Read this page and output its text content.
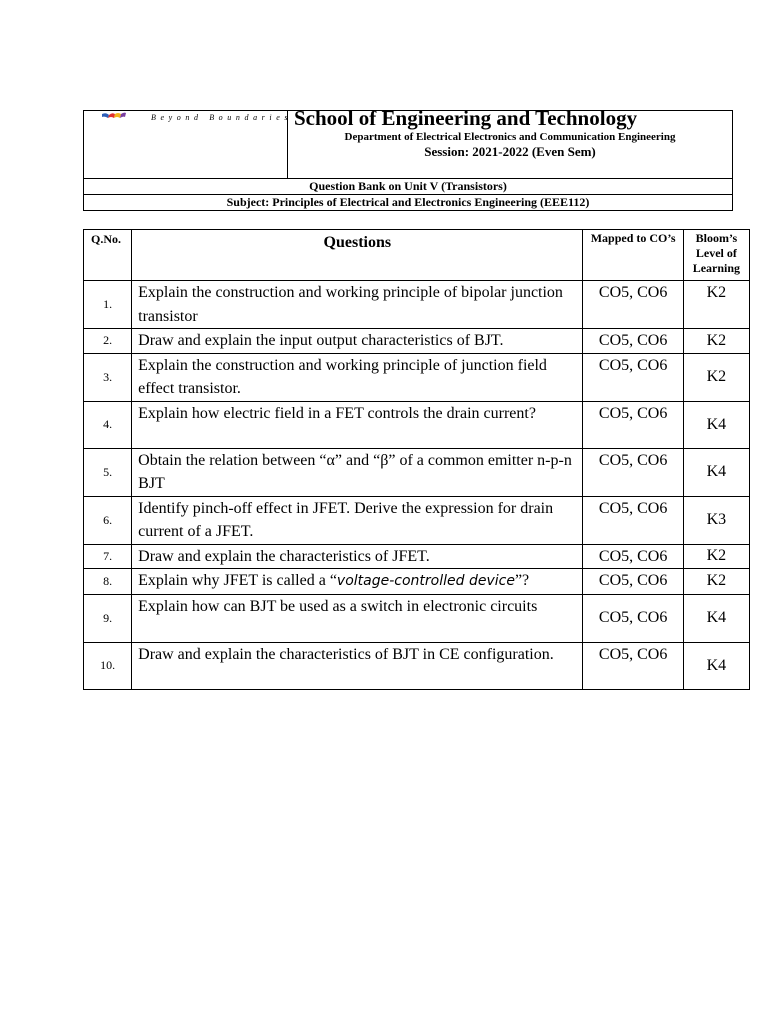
Beyond Boundaries	School of Engineering and Technology
Department of Electrical Electronics and Communication Engineering
Session: 2021-2022 (Even Sem)

Question Bank on Unit V (Transistors)
Subject: Principles of Electrical and Electronics Engineering (EEE112)
Q.No.	Questions	Mapped to CO’s	Bloom’s Level of Learning
1.	Explain the construction and working principle of bipolar junction transistor	CO5, CO6	K2
2.	Draw and explain the input output characteristics of BJT.	CO5, CO6	K2
3.	Explain the construction and working principle of junction field effect transistor.	CO5, CO6	K2
4.	Explain how electric field in a FET controls the drain current?	CO5, CO6	K4
5.	Obtain the relation between “α” and “β” of a common emitter n-p-n BJT	CO5, CO6	K4
6.	Identify pinch-off effect in JFET. Derive the expression for drain current of a JFET.	CO5, CO6	K3
7.	Draw and explain the characteristics of JFET.	CO5, CO6	K2
8.	Explain why JFET is called a “voltage-controlled device”?	CO5, CO6	K2
9.	Explain how can BJT be used as a switch in electronic circuits	CO5, CO6	K4
10.	Draw and explain the characteristics of BJT in CE configuration.	CO5, CO6	K4
